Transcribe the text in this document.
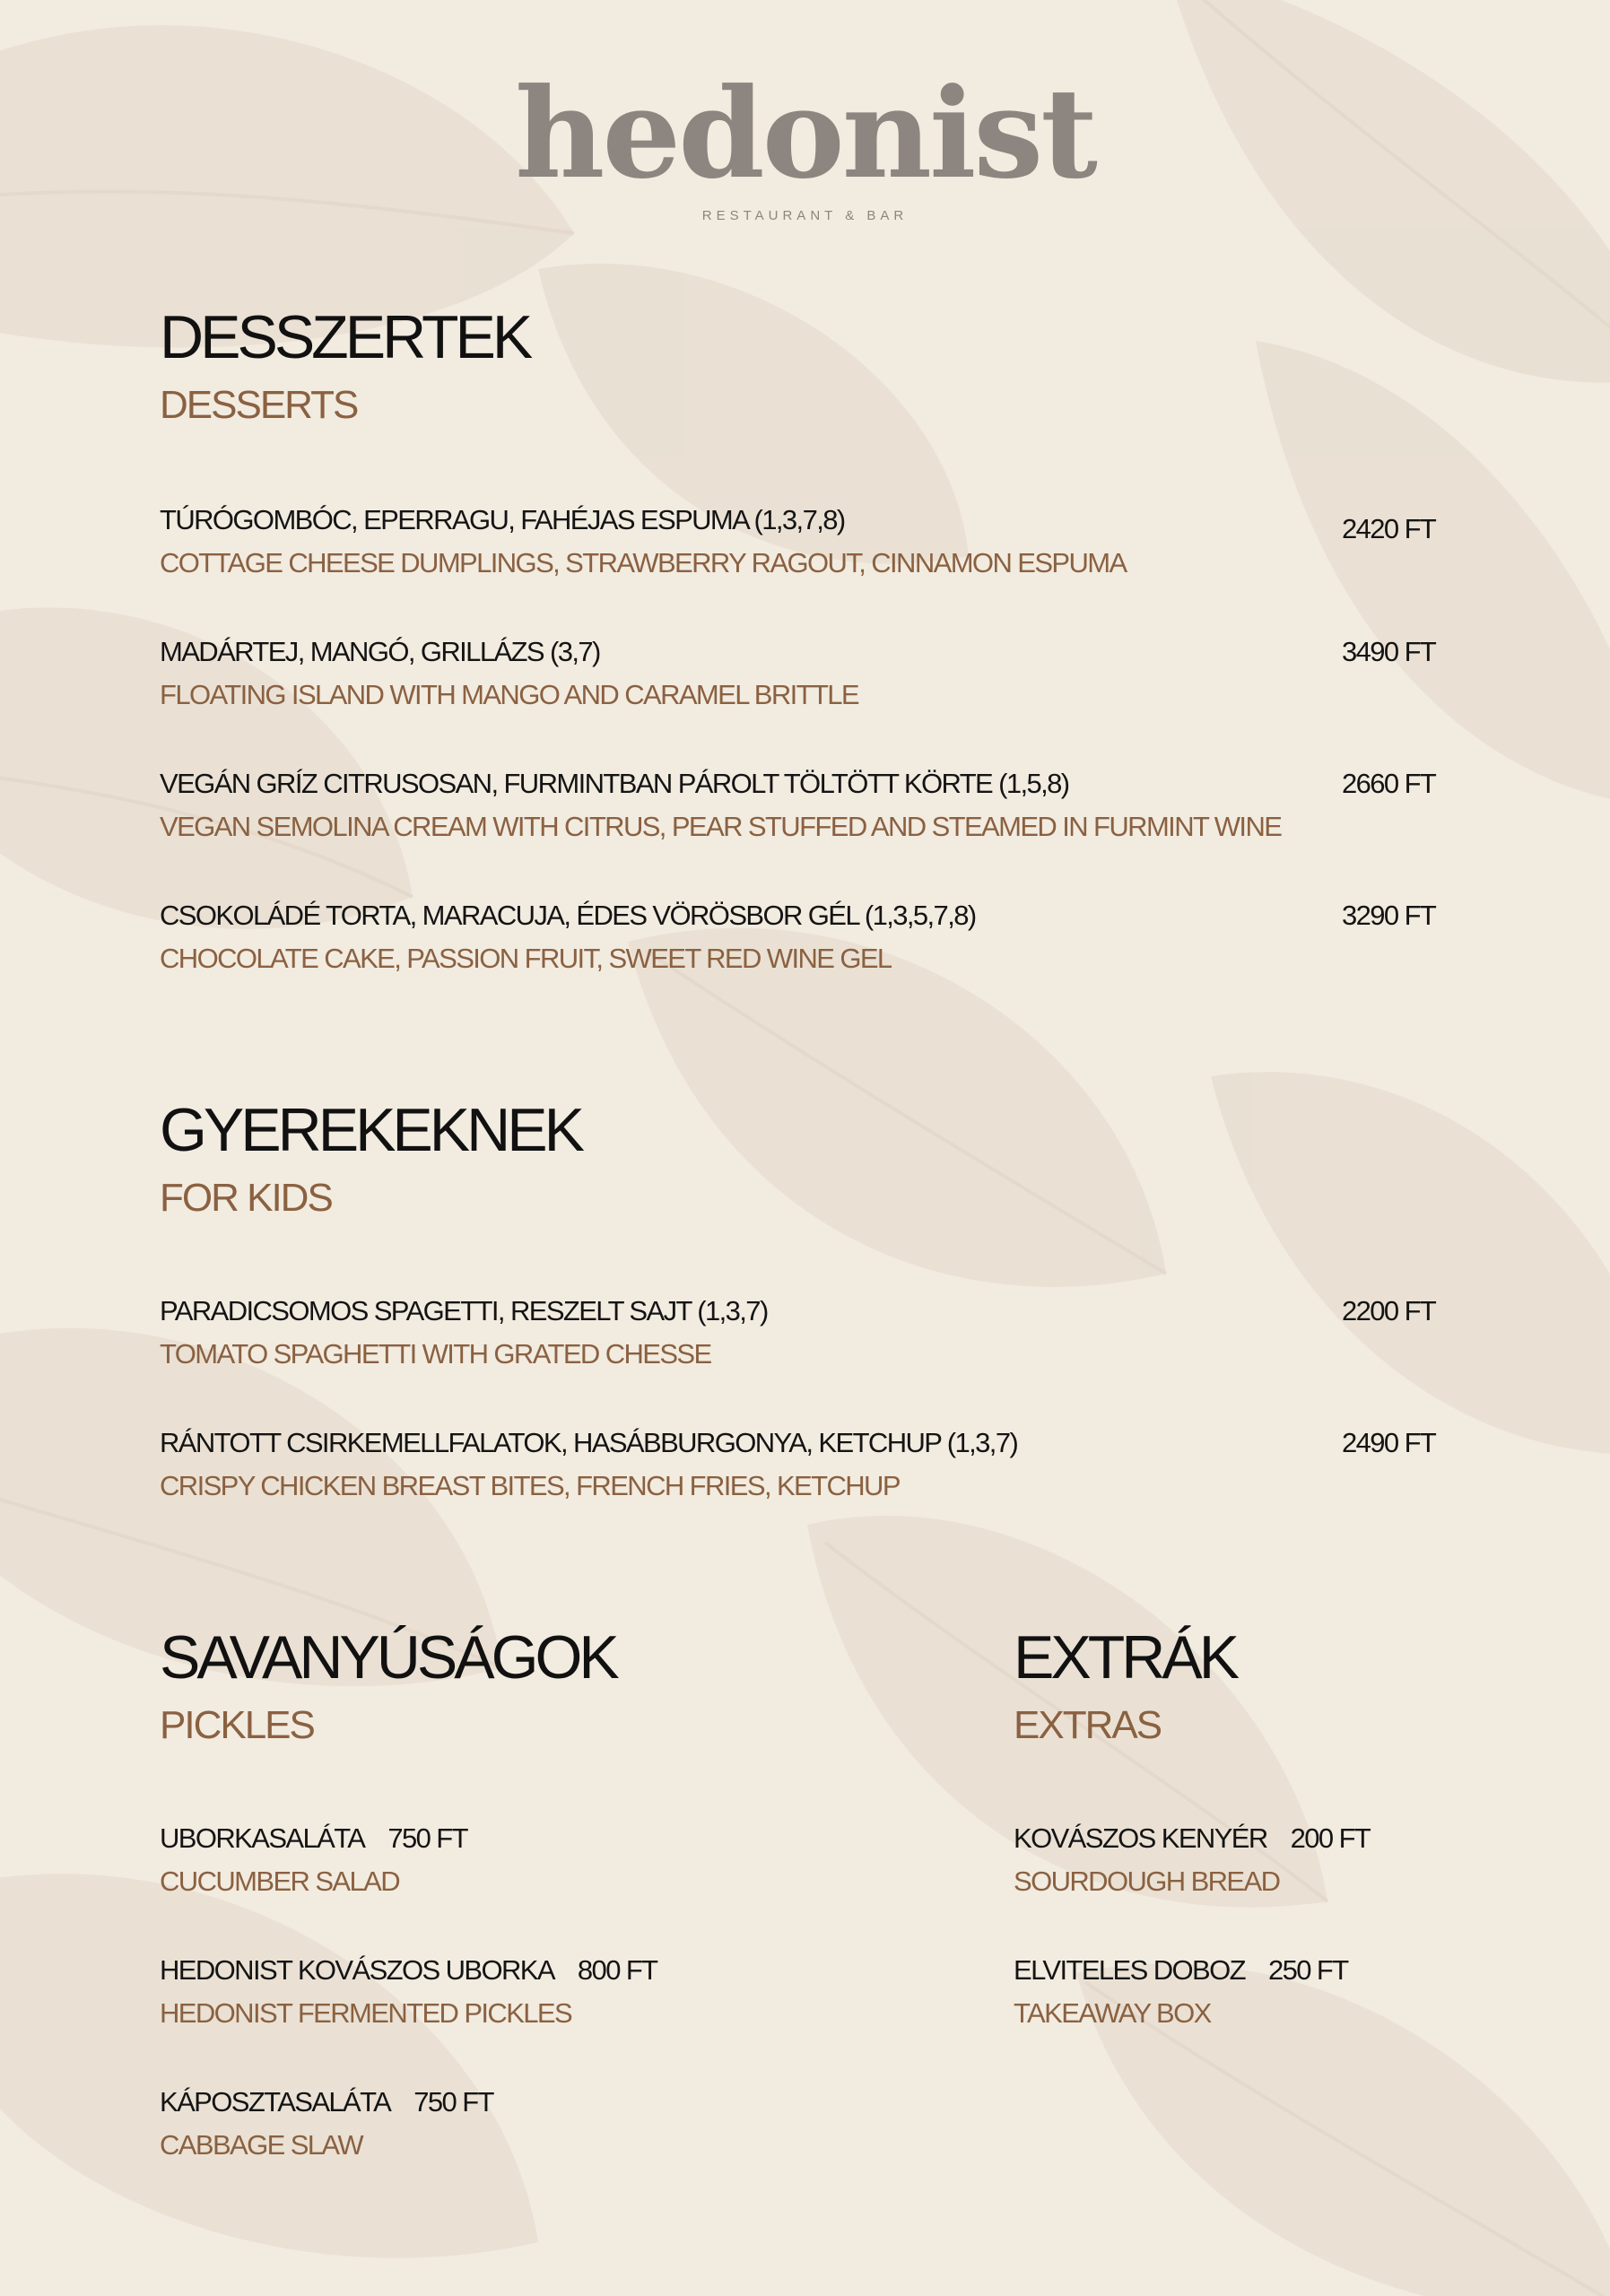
hedonist
RESTAURANT & BAR
DESSZERTEK
DESSERTS
TÚRÓGOMBÓC, EPERRAGU, FAHÉJAS ESPUMA (1,3,7,8)	2420 FT
COTTAGE CHEESE DUMPLINGS, STRAWBERRY RAGOUT, CINNAMON ESPUMA
MADÁRTEJ, MANGÓ, GRILLÁZS (3,7)	3490 FT
FLOATING ISLAND WITH MANGO AND CARAMEL BRITTLE
VEGÁN GRÍZ CITRUSOSAN, FURMINTBAN PÁROLT TÖLTÖTT KÖRTE (1,5,8)	2660 FT
VEGAN SEMOLINA CREAM WITH CITRUS, PEAR STUFFED AND STEAMED IN FURMINT WINE
CSOKOLÁDÉ TORTA, MARACUJA, ÉDES VÖRÖSBOR GÉL (1,3,5,7,8)	3290 FT
CHOCOLATE CAKE, PASSION FRUIT, SWEET RED WINE GEL
GYEREKEKNEK
FOR KIDS
PARADICSOMOS SPAGETTI, RESZELT SAJT (1,3,7)	2200 FT
TOMATO SPAGHETTI WITH GRATED CHESSE
RÁNTOTT CSIRKEMELLFALATOK, HASÁBBURGONYA, KETCHUP (1,3,7)	2490 FT
CRISPY CHICKEN BREAST BITES, FRENCH FRIES, KETCHUP
SAVANYÚSÁGOK
PICKLES
UBORKASALÁTA 750 FT
CUCUMBER SALAD
HEDONIST KOVÁSZOS UBORKA 800 FT
HEDONIST FERMENTED PICKLES
KÁPOSZTASALÁTA 750 FT
CABBAGE SLAW
EXTRÁK
EXTRAS
KOVÁSZOS KENYÉR 200 FT
SOURDOUGH BREAD
ELVITELES DOBOZ 250 FT
TAKEAWAY BOX
